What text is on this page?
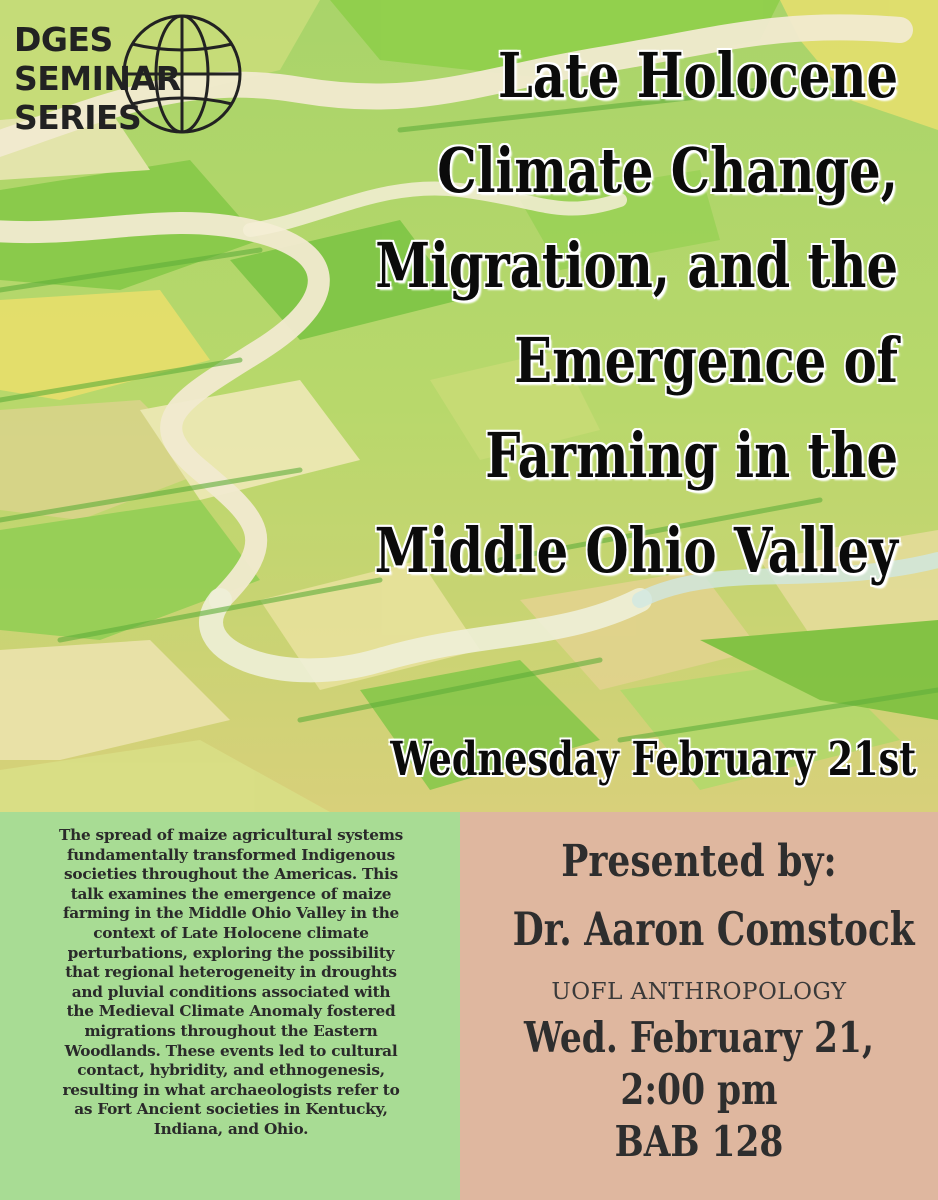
DGES
SEMINAR
SERIES
Late Holocene
Climate Change,
Migration, and the
Emergence of
Farming in the
Middle Ohio Valley
Wednesday February 21st
The spread of maize agricultural systems
fundamentally transformed Indigenous
societies throughout the Americas. This
talk examines the emergence of maize
farming in the Middle Ohio Valley in the
context of Late Holocene climate
perturbations, exploring the possibility
that regional heterogeneity in droughts
and pluvial conditions associated with
the Medieval Climate Anomaly fostered
migrations throughout the Eastern
Woodlands. These events led to cultural
contact, hybridity, and ethnogenesis,
resulting in what archaeologists refer to
as Fort Ancient societies in Kentucky,
Indiana, and Ohio.
Presented by:
Dr. Aaron Comstock
UOFL ANTHROPOLOGY
Wed. February 21,
2:00 pm
BAB 128
